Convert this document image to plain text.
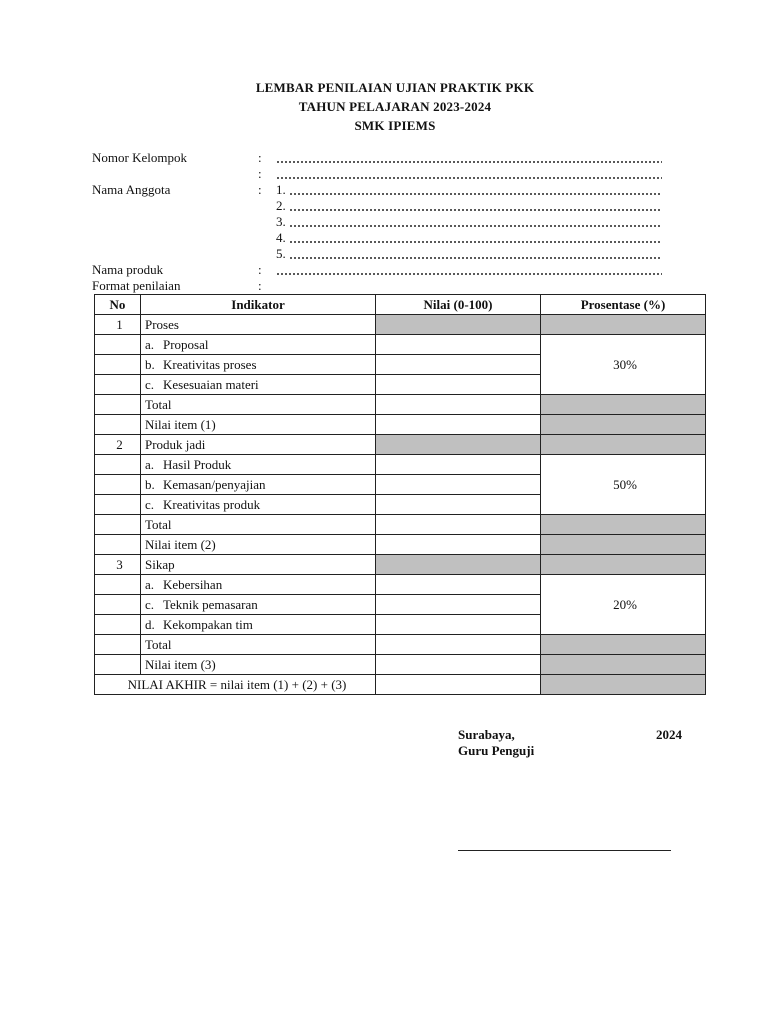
LEMBAR PENILAIAN UJIAN PRAKTIK PKK
TAHUN PELAJARAN 2023-2024
SMK IPIEMS
Nomor Kelompok	:
:
Nama Anggota	: 1.
2.
3.
4.
5.
Nama produk	:
Format penilaian	:
No	Indikator	Nilai (0-100)	Prosentase (%)
1	Proses		
	a. Proposal		30%
	b. Kreativitas proses		
	c. Kesesuaian materi		
	Total		
	Nilai item (1)		
2	Produk jadi		
	a. Hasil Produk		50%
	b. Kemasan/penyajian		
	c. Kreativitas produk		
	Total		
	Nilai item (2)		
3	Sikap		
	a. Kebersihan		20%
	c. Teknik pemasaran		
	d. Kekompakan tim		
	Total		
	Nilai item (3)		
NILAI AKHIR = nilai item (1) + (2) + (3)			
Surabaya,	2024
Guru Penguji
